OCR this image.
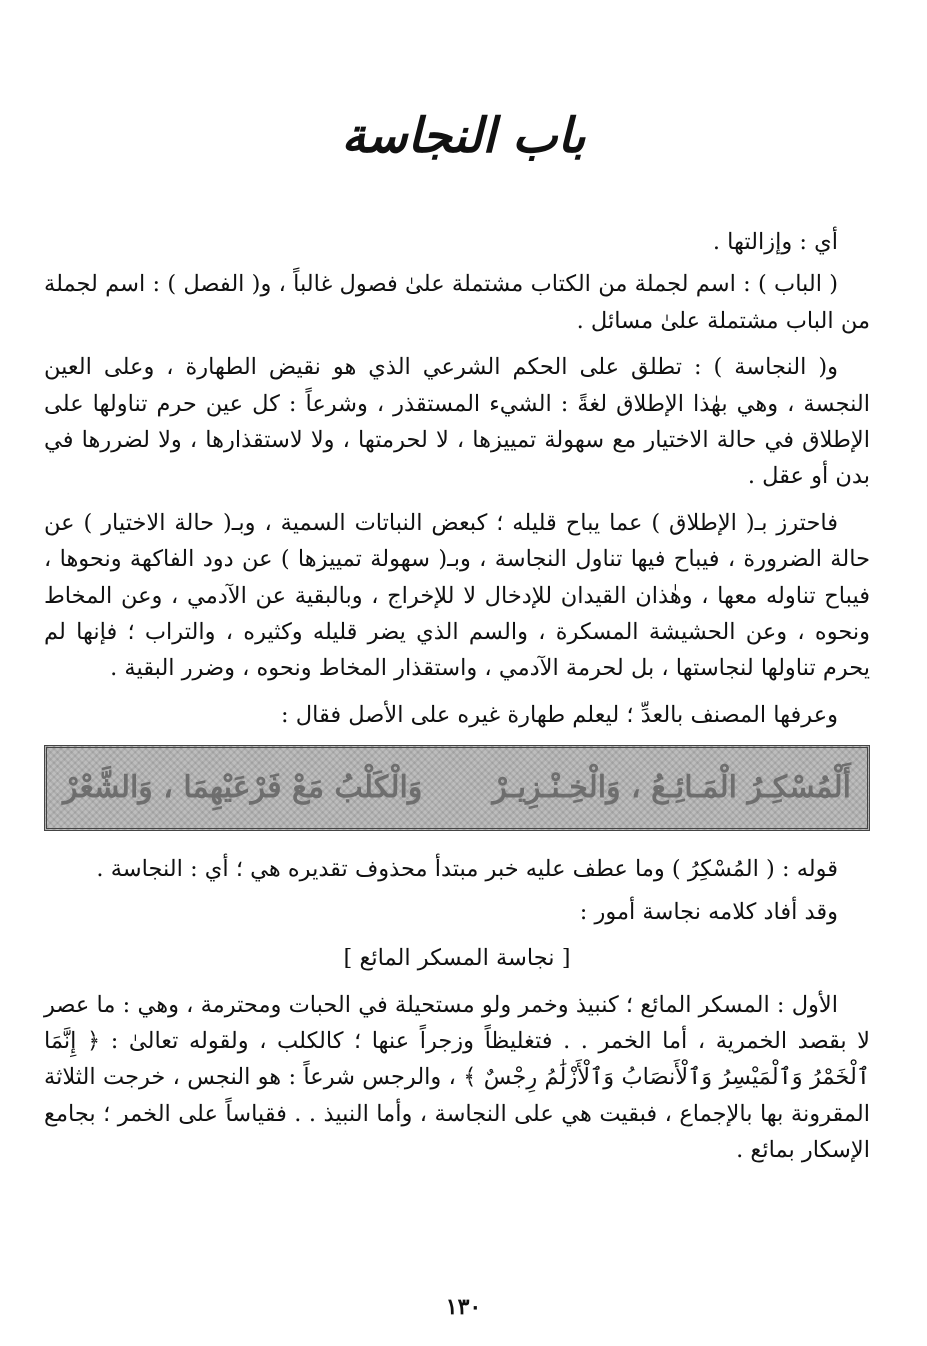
باب النجاسة

أي : وإزالتها .

( الباب ) : اسم لجملة من الكتاب مشتملة علىٰ فصول غالباً ، و( الفصل ) : اسم لجملة من الباب مشتملة علىٰ مسائل .

و( النجاسة ) : تطلق على الحكم الشرعي الذي هو نقيض الطهارة ، وعلى العين النجسة ، وهي بهٰذا الإطلاق لغةً : الشيء المستقذر ، وشرعاً : كل عين حرم تناولها على الإطلاق في حالة الاختيار مع سهولة تمييزها ، لا لحرمتها ، ولا لاستقذارها ، ولا لضررها في بدن أو عقل .

فاحترز بـ( الإطلاق ) عما يباح قليله ؛ كبعض النباتات السمية ، وبـ( حالة الاختيار ) عن حالة الضرورة ، فيباح فيها تناول النجاسة ، وبـ( سهولة تمييزها ) عن دود الفاكهة ونحوها ، فيباح تناوله معها ، وهٰذان القيدان للإدخال لا للإخراج ، وبالبقية عن الآدمي ، وعن المخاط ونحوه ، وعن الحشيشة المسكرة ، والسم الذي يضر قليله وكثيره ، والتراب ؛ فإنها لم يحرم تناولها لنجاستها ، بل لحرمة الآدمي ، واستقذار المخاط ونحوه ، وضرر البقية .

وعرفها المصنف بالعدِّ ؛ ليعلم طهارة غيره على الأصل فقال :

أَلْمُسْكِـرُ الْمَـائِـعُ ، وَالْخِـنْـزِيـرْ
وَالْكَلْبُ مَعْ فَرْعَيْهِمَا ، وَالشَّعْرْ

قوله : ( المُسْكِرُ ) وما عطف عليه خبر مبتدأ محذوف تقديره هي ؛ أي : النجاسة .

وقد أفاد كلامه نجاسة أمور :

[ نجاسة المسكر المائع ]

الأول : المسكر المائع ؛ كنبيذ وخمر ولو مستحيلة في الحبات ومحترمة ، وهي : ما عصر لا بقصد الخمرية ، أما الخمر . . فتغليظاً وزجراً عنها ؛ كالكلب ، ولقوله تعالىٰ : ﴿ إِنَّمَا ٱلْخَمْرُ وَٱلْمَيْسِرُ وَٱلْأَنصَابُ وَٱلْأَزْلَٰمُ رِجْسٌ ﴾ ، والرجس شرعاً : هو النجس ، خرجت الثلاثة المقرونة بها بالإجماع ، فبقيت هي على النجاسة ، وأما النبيذ . . فقياساً على الخمر ؛ بجامع الإسكار بمائع .

١٣٠
